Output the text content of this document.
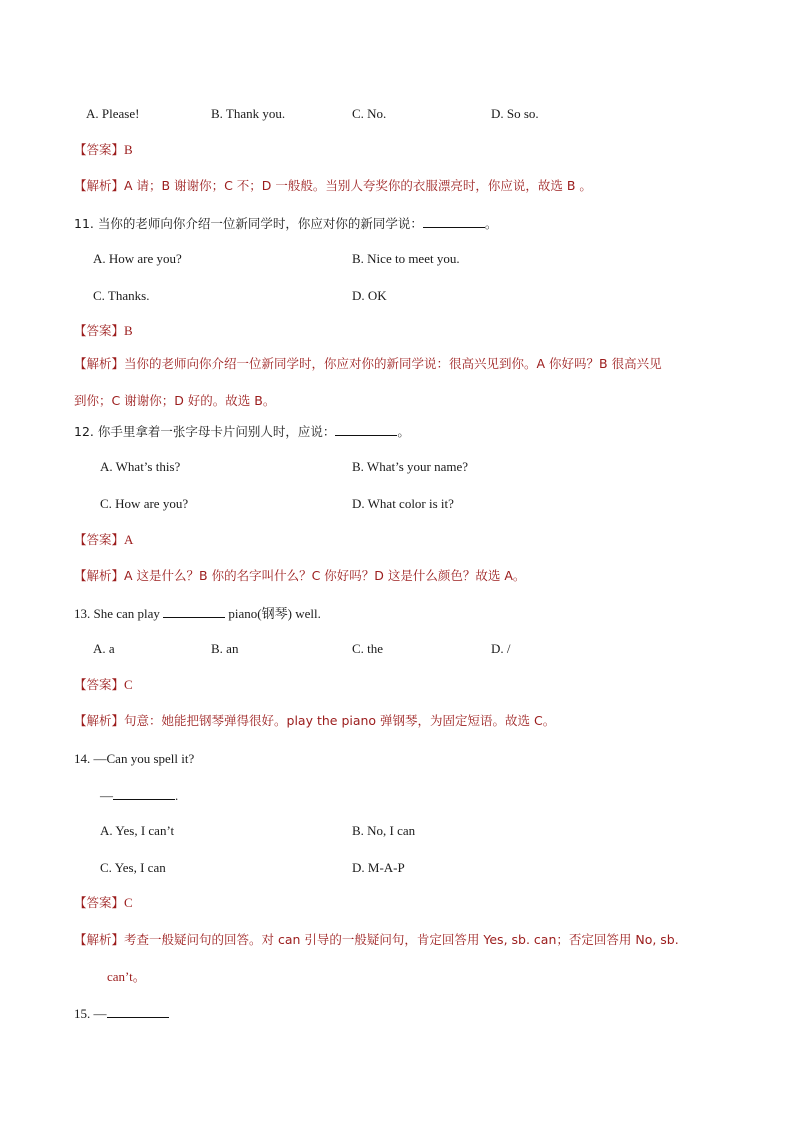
A. Please!	B. Thank you.	C. No.	D. So so.
【答案】B
【解析】A 请；B 谢谢你；C 不；D 一般般。当别人夸奖你的衣服漂亮时，你应说，故选 B 。
11. 当你的老师向你介绍一位新同学时，你应对你的新同学说：	。
A. How are you?	B. Nice to meet you.
C. Thanks.	D. OK
【答案】B
【解析】当你的老师向你介绍一位新同学时，你应对你的新同学说：很高兴见到你。A 你好吗？B 很高兴见
到你；C 谢谢你；D 好的。故选 B。
12. 你手里拿着一张字母卡片问别人时，应说：	。
A. What’s this?	B. What’s your name?
C. How are you?	D. What color is it?
【答案】A
【解析】A 这是什么？B 你的名字叫什么？C 你好吗？D 这是什么颜色？故选 A。
13. She can play	piano(钢琴) well.
A. a	B. an	C. the	D. /
【答案】C
【解析】句意：她能把钢琴弹得很好。play the piano 弹钢琴，为固定短语。故选 C。
14. —Can you spell it?
—	.
A. Yes, I can’t	B. No, I can
C. Yes, I can	D. M-A-P
【答案】C
【解析】考查一般疑问句的回答。对 can 引导的一般疑问句，肯定回答用 Yes, sb. can；否定回答用 No, sb.
can’t。
15. —
